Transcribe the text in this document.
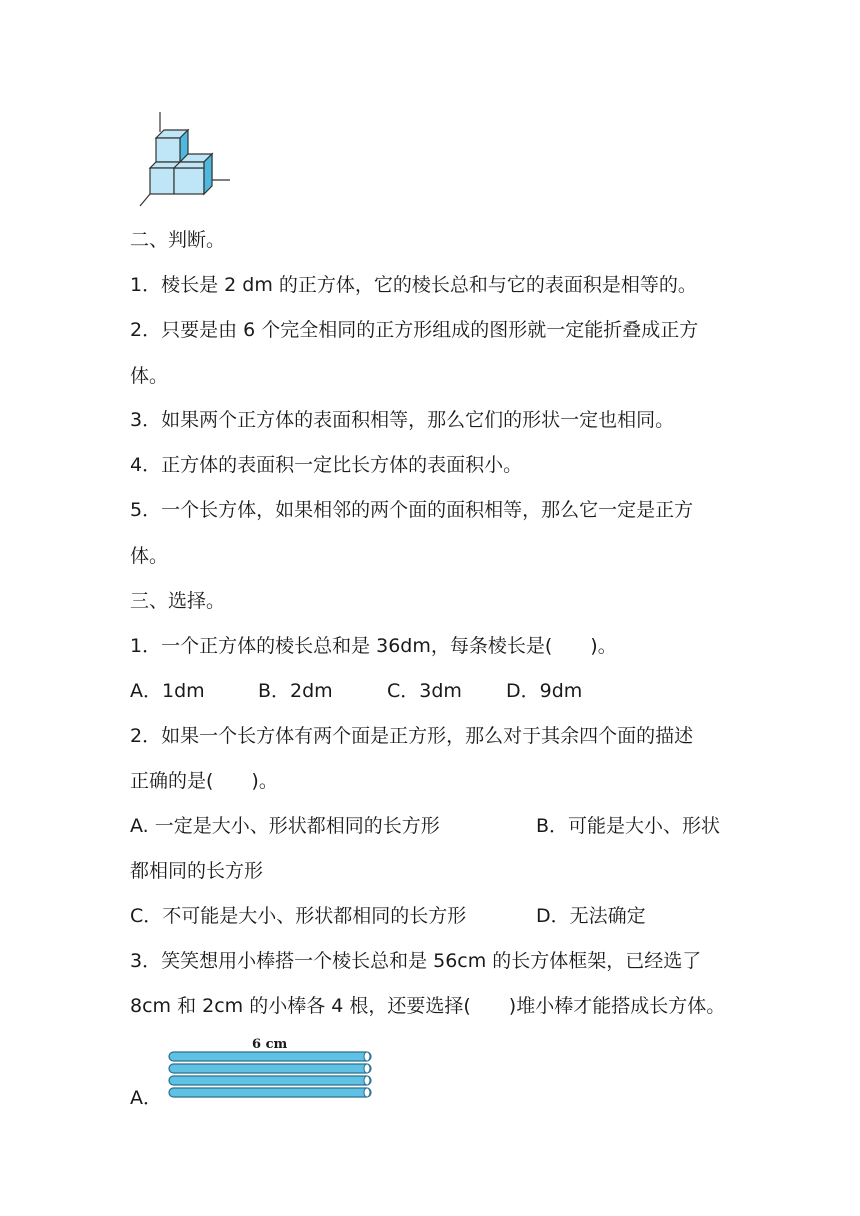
二、判断。
1．棱长是 2 dm 的正方体，它的棱长总和与它的表面积是相等的。
2．只要是由 6 个完全相同的正方形组成的图形就一定能折叠成正方
体。
3．如果两个正方体的表面积相等，那么它们的形状一定也相同。
4．正方体的表面积一定比长方体的表面积小。
5．一个长方体，如果相邻的两个面的面积相等，那么它一定是正方
体。
三、选择。
1．一个正方体的棱长总和是 36dm，每条棱长是(　　)。
A．1dm	B．2dm	C．3dm D．9dm
2．如果一个长方体有两个面是正方形，那么对于其余四个面的描述
正确的是(　　)。
A. 一定是大小、形状都相同的长方形	B．可能是大小、形状
都相同的长方形
C．不可能是大小、形状都相同的长方形	D．无法确定
3．笑笑想用小棒搭一个棱长总和是 56cm 的长方体框架，已经选了
8cm 和 2cm 的小棒各 4 根，还要选择(　　)堆小棒才能搭成长方体。
A．
6 cm
